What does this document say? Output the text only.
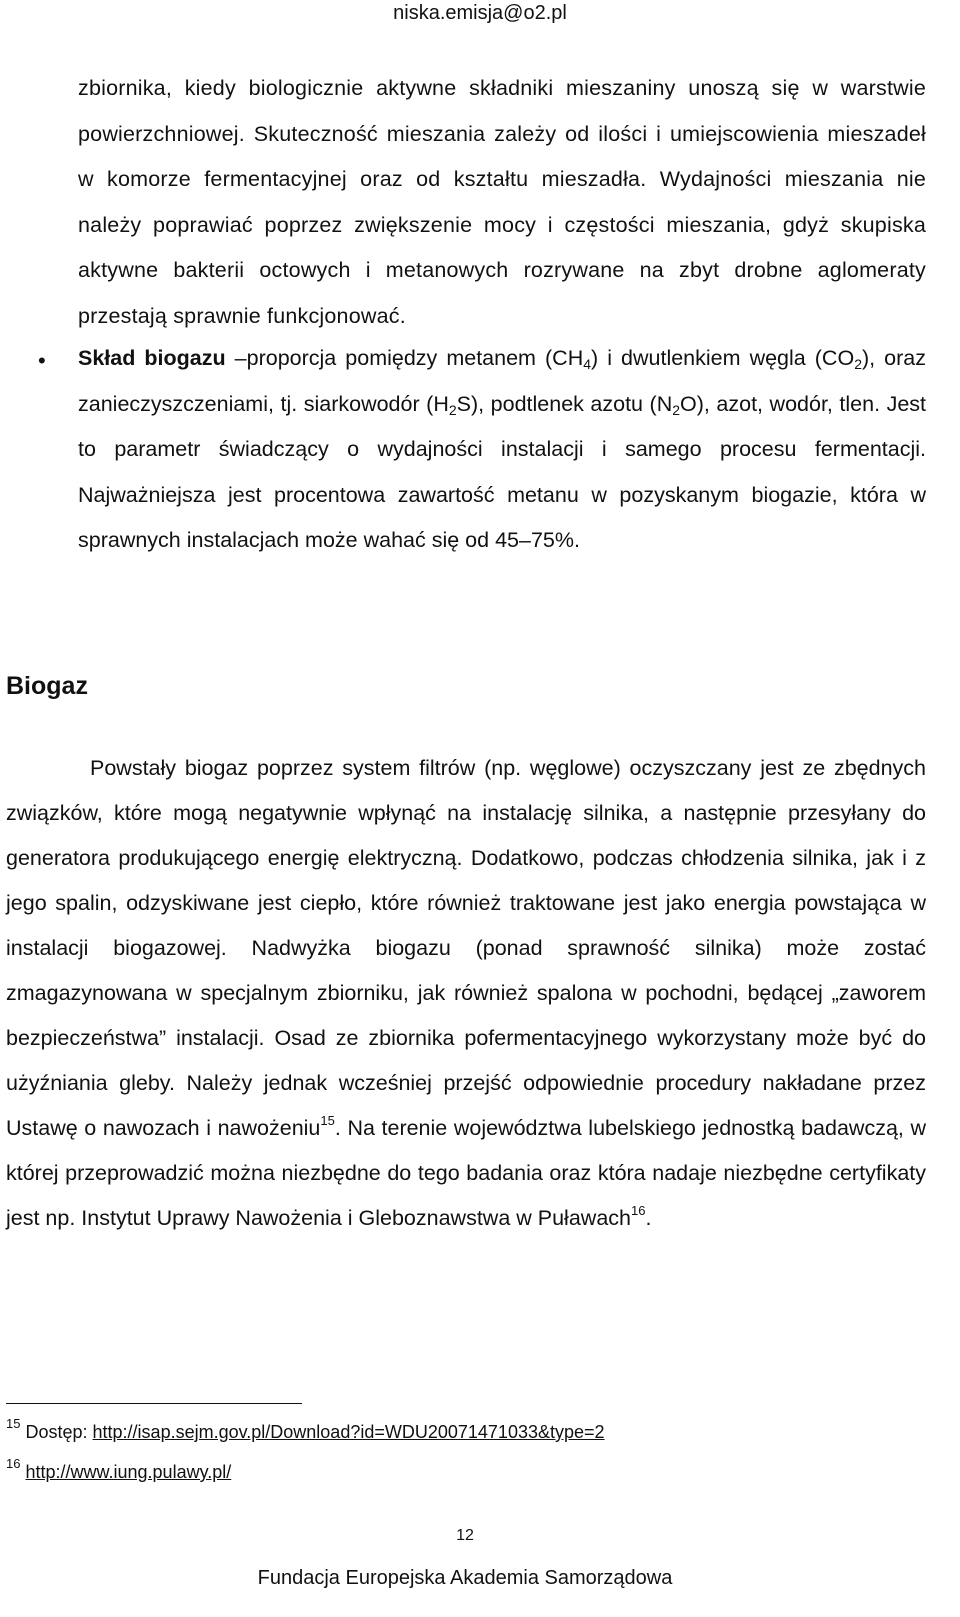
niska.emisja@o2.pl
zbiornika, kiedy biologicznie aktywne składniki mieszaniny unoszą się w warstwie powierzchniowej. Skuteczność mieszania zależy od ilości i umiejscowienia mieszadeł w komorze fermentacyjnej oraz od kształtu mieszadła. Wydajności mieszania nie należy poprawiać poprzez zwiększenie mocy i częstości mieszania, gdyż skupiska aktywne bakterii octowych i metanowych rozrywane na zbyt drobne aglomeraty przestają sprawnie funkcjonować.
• Skład biogazu –proporcja pomiędzy metanem $(CH_4)$ i dwutlenkiem węgla $(CO_2)$, oraz zanieczyszczeniami, tj. siarkowodór $(H_2S)$, podtlenek azotu $(N_2O)$, azot, wodór, tlen. Jest to parametr świadczący o wydajności instalacji i samego procesu fermentacji. Najważniejsza jest procentowa zawartość metanu w pozyskanym biogazie, która w sprawnych instalacjach może wahać się od 45–75%.
Biogaz

Powstały biogaz poprzez system filtrów (np. węglowe) oczyszczany jest ze zbędnych związków, które mogą negatywnie wpłynąć na instalację silnika, a następnie przesyłany do generatora produkującego energię elektryczną. Dodatkowo, podczas chłodzenia silnika, jak i z jego spalin, odzyskiwane jest ciepło, które również traktowane jest jako energia powstająca w instalacji biogazowej. Nadwyżka biogazu (ponad sprawność silnika) może zostać zmagazynowana w specjalnym zbiorniku, jak również spalona w pochodni, będącej „zaworem bezpieczeństwa” instalacji. Osad ze zbiornika pofermentacyjnego wykorzystany może być do użyźniania gleby. Należy jednak wcześniej przejść odpowiednie procedury nakładane przez Ustawę o nawozach i nawożeniu$^{15}$. Na terenie województwa lubelskiego jednostką badawczą, w której przeprowadzić można niezbędne do tego badania oraz która nadaje niezbędne certyfikaty jest np. Instytut Uprawy Nawożenia i Gleboznawstwa w Puławach$^{16}$.

$^{15}$ Dostęp: http://isap.sejm.gov.pl/Download?id=WDU20071471033&type=2
$^{16}$ http://www.iung.pulawy.pl/
12
Fundacja Europejska Akademia Samorządowa
